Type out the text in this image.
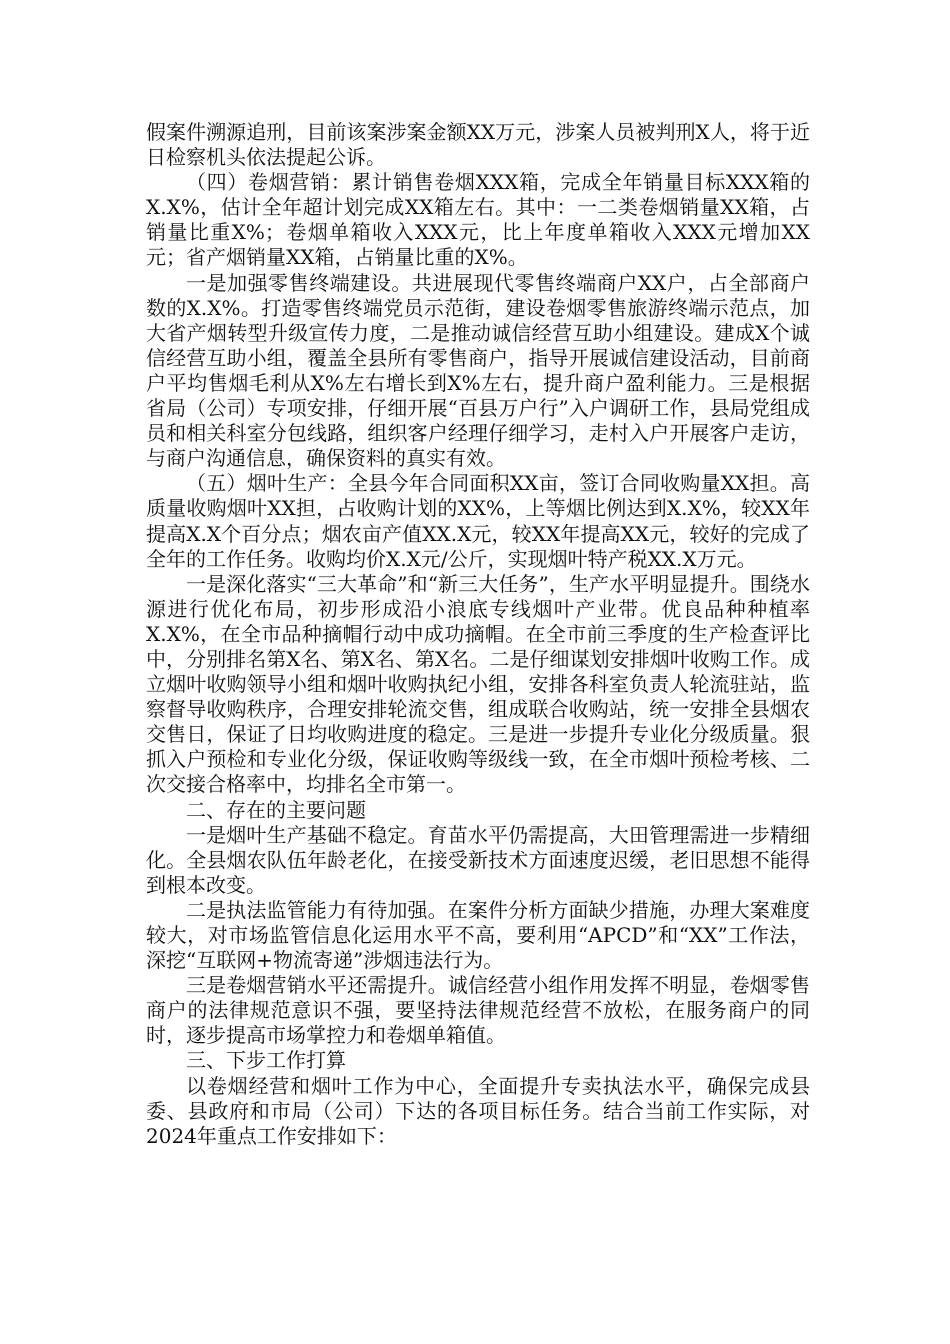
假案件溯源追刑，目前该案涉案金额XX万元，涉案人员被判刑X人，将于近日检察机头依法提起公诉。

（四）卷烟营销：累计销售卷烟XXX箱，完成全年销量目标XXX箱的X.X%，估计全年超计划完成XX箱左右。其中：一二类卷烟销量XX箱，占销量比重X%；卷烟单箱收入XXX元，比上年度单箱收入XXX元增加XX元；省产烟销量XX箱，占销量比重的X%。

一是加强零售终端建设。共进展现代零售终端商户XX户，占全部商户数的X.X%。打造零售终端党员示范街，建设卷烟零售旅游终端示范点，加大省产烟转型升级宣传力度，二是推动诚信经营互助小组建设。建成X个诚信经营互助小组，覆盖全县所有零售商户，指导开展诚信建设活动，目前商户平均售烟毛利从X%左右增长到X%左右，提升商户盈利能力。三是根据省局（公司）专项安排，仔细开展“百县万户行”入户调研工作，县局党组成员和相关科室分包线路，组织客户经理仔细学习，走村入户开展客户走访，与商户沟通信息，确保资料的真实有效。

（五）烟叶生产：全县今年合同面积XX亩，签订合同收购量XX担。高质量收购烟叶XX担，占收购计划的XX%，上等烟比例达到X.X%，较XX年提高X.X个百分点；烟农亩产值XX.X元，较XX年提高XX元，较好的完成了全年的工作任务。收购均价X.X元/公斤，实现烟叶特产税XX.X万元。

一是深化落实“三大革命”和“新三大任务”，生产水平明显提升。围绕水源进行优化布局，初步形成沿小浪底专线烟叶产业带。优良品种种植率X.X%，在全市品种摘帽行动中成功摘帽。在全市前三季度的生产检查评比中，分别排名第X名、第X名、第X名。二是仔细谋划安排烟叶收购工作。成立烟叶收购领导小组和烟叶收购执纪小组，安排各科室负责人轮流驻站，监察督导收购秩序，合理安排轮流交售，组成联合收购站，统一安排全县烟农交售日，保证了日均收购进度的稳定。三是进一步提升专业化分级质量。狠抓入户预检和专业化分级，保证收购等级线一致，在全市烟叶预检考核、二次交接合格率中，均排名全市第一。

二、存在的主要问题

一是烟叶生产基础不稳定。育苗水平仍需提高，大田管理需进一步精细化。全县烟农队伍年龄老化，在接受新技术方面速度迟缓，老旧思想不能得到根本改变。

二是执法监管能力有待加强。在案件分析方面缺少措施，办理大案难度较大，对市场监管信息化运用水平不高，要利用“APCD”和“XX”工作法，深挖“互联网+物流寄递”涉烟违法行为。

三是卷烟营销水平还需提升。诚信经营小组作用发挥不明显，卷烟零售商户的法律规范意识不强，要坚持法律规范经营不放松，在服务商户的同时，逐步提高市场掌控力和卷烟单箱值。

三、下步工作打算

以卷烟经营和烟叶工作为中心，全面提升专卖执法水平，确保完成县委、县政府和市局（公司）下达的各项目标任务。结合当前工作实际，对2024年重点工作安排如下：
